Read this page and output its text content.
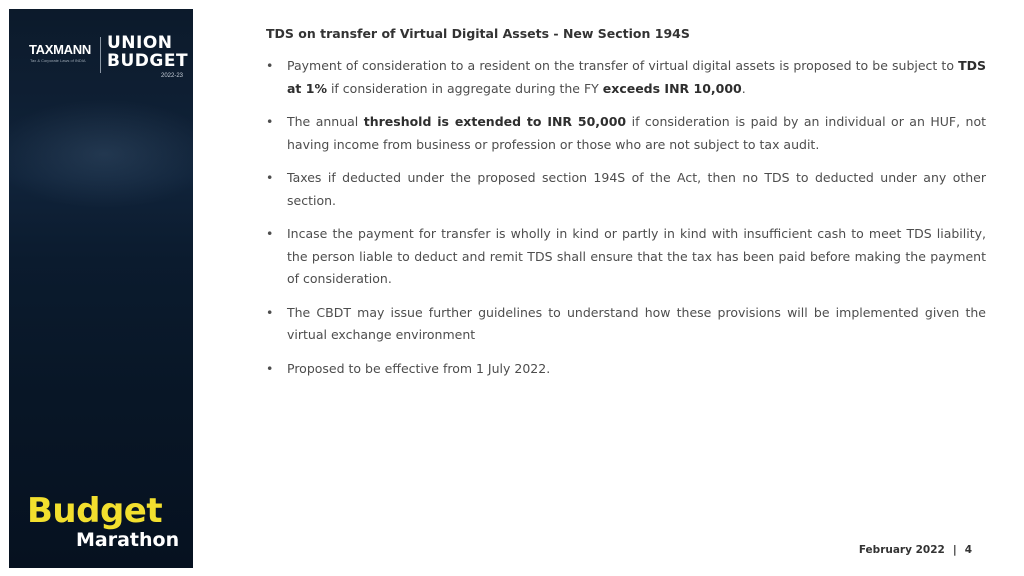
TAXMANN
Tax & Corporate Laws of INDIA
UNION
BUDGET
2022-23
Budget
Marathon
TDS on transfer of Virtual Digital Assets - New Section 194S
• Payment of consideration to a resident on the transfer of virtual digital assets is proposed to be subject to TDS at 1% if consideration in aggregate during the FY exceeds INR 10,000.
• The annual threshold is extended to INR 50,000 if consideration is paid by an individual or an HUF, not having income from business or profession or those who are not subject to tax audit.
• Taxes if deducted under the proposed section 194S of the Act, then no TDS to deducted under any other section.
• Incase the payment for transfer is wholly in kind or partly in kind with insufficient cash to meet TDS liability, the person liable to deduct and remit TDS shall ensure that the tax has been paid before making the payment of consideration.
• The CBDT may issue further guidelines to understand how these provisions will be implemented given the virtual exchange environment
• Proposed to be effective from 1 July 2022.
February 2022 | 4
